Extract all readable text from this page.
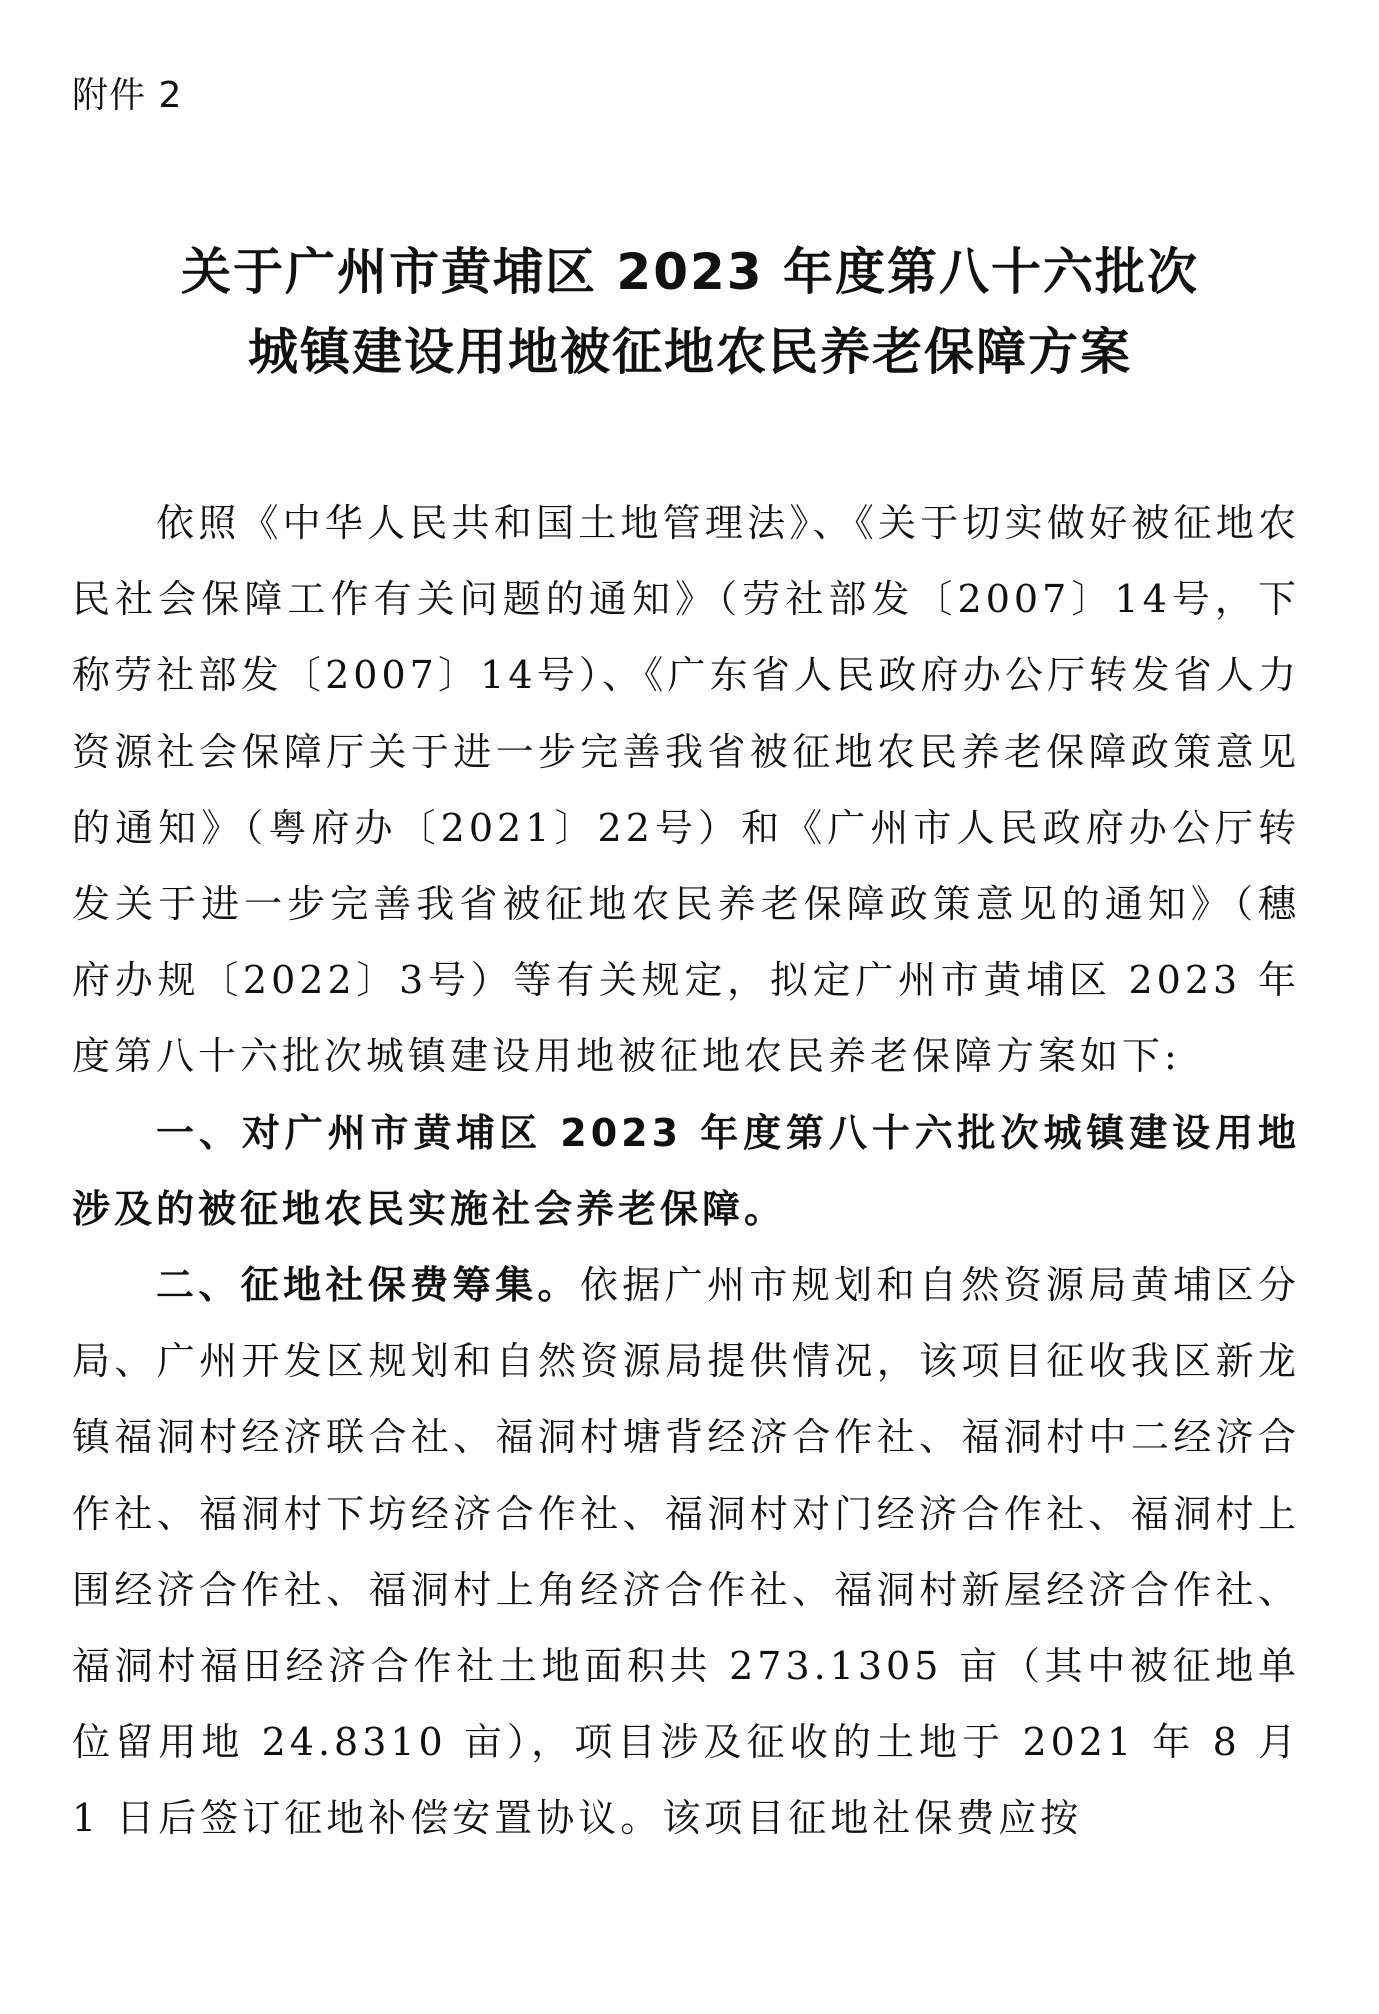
附件 2
关于广州市黄埔区 2023 年度第八十六批次
城镇建设用地被征地农民养老保障方案

依照《中华人民共和国土地管理法》、《关于切实做好被征地农民社会保障工作有关问题的通知》（劳社部发〔2007〕14号，下称劳社部发〔2007〕14号）、《广东省人民政府办公厅转发省人力资源社会保障厅关于进一步完善我省被征地农民养老保障政策意见的通知》（粤府办〔2021〕22号）和《广州市人民政府办公厅转发关于进一步完善我省被征地农民养老保障政策意见的通知》（穗府办规〔2022〕3号）等有关规定，拟定广州市黄埔区 2023 年度第八十六批次城镇建设用地被征地农民养老保障方案如下:

一、对广州市黄埔区 2023 年度第八十六批次城镇建设用地涉及的被征地农民实施社会养老保障。

二、征地社保费筹集。依据广州市规划和自然资源局黄埔区分局、广州开发区规划和自然资源局提供情况，该项目征收我区新龙镇福洞村经济联合社、福洞村塘背经济合作社、福洞村中二经济合作社、福洞村下坊经济合作社、福洞村对门经济合作社、福洞村上围经济合作社、福洞村上角经济合作社、福洞村新屋经济合作社、福洞村福田经济合作社土地面积共 273.1305 亩（其中被征地单位留用地 24.8310 亩），项目涉及征收的土地于 2021 年 8 月 1 日后签订征地补偿安置协议。该项目征地社保费应按
